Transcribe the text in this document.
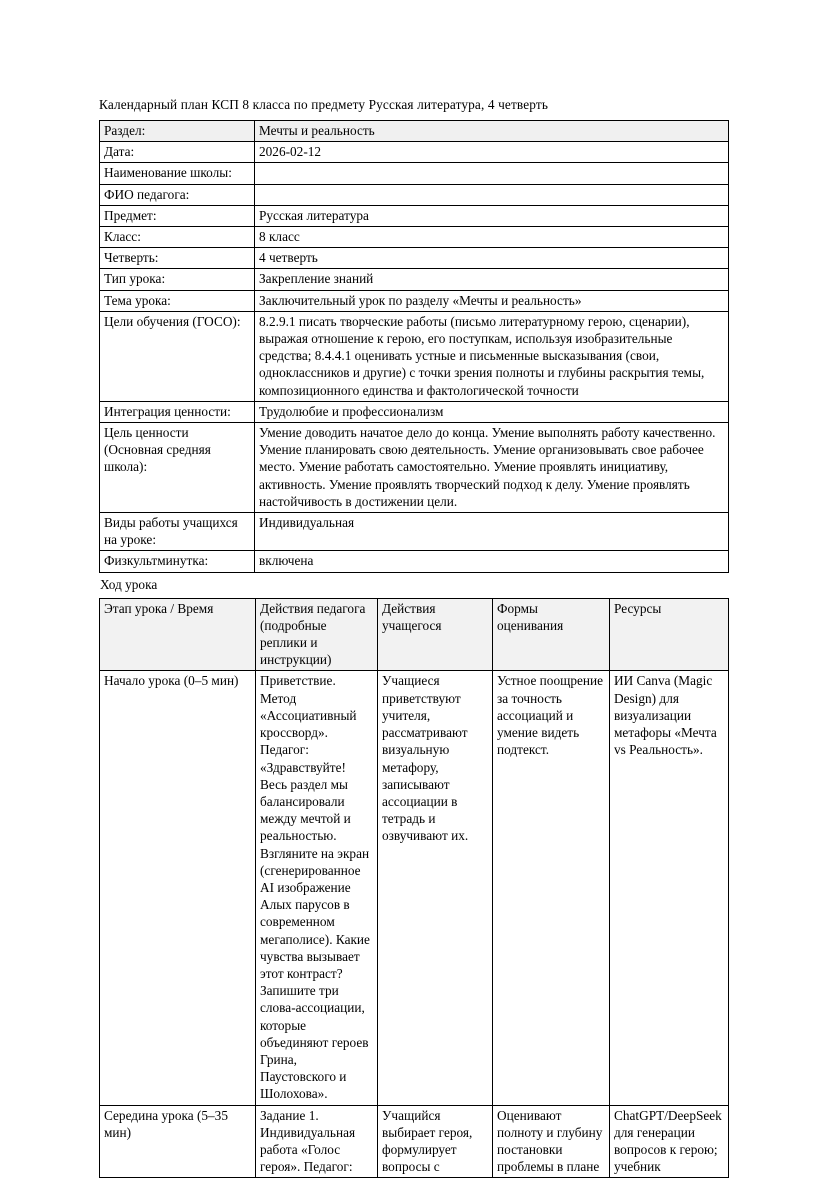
Календарный план КСП 8 класса по предмету Русская литература, 4 четверть
Раздел:	Мечты и реальность
Дата:	2026-02-12
Наименование школы:	
ФИО педагога:	
Предмет:	Русская литература
Класс:	8 класс
Четверть:	4 четверть
Тип урока:	Закрепление знаний
Тема урока:	Заключительный урок по разделу «Мечты и реальность»
Цели обучения (ГОСО):	8.2.9.1 писать творческие работы (письмо литературному герою, сценарии), выражая отношение к герою, его поступкам, используя изобразительные средства; 8.4.4.1 оценивать устные и письменные высказывания (свои, одноклассников и другие) с точки зрения полноты и глубины раскрытия темы, композиционного единства и фактологической точности
Интеграция ценности:	Трудолюбие и профессионализм
Цель ценности (Основная средняя школа):	Умение доводить начатое дело до конца. Умение выполнять работу качественно. Умение планировать свою деятельность. Умение организовывать свое рабочее место. Умение работать самостоятельно. Умение проявлять инициативу, активность. Умение проявлять творческий подход к делу. Умение проявлять настойчивость в достижении цели.
Виды работы учащихся на уроке:	Индивидуальная
Физкультминутка:	включена
Ход урока
Этап урока / Время	Действия педагога (подробные реплики и инструкции)	Действия учащегося	Формы оценивания	Ресурсы
Начало урока (0–5 мин)	Приветствие. Метод «Ассоциативный кроссворд». Педагог: «Здравствуйте! Весь раздел мы балансировали между мечтой и реальностью. Взгляните на экран (сгенерированное AI изображение Алых парусов в современном мегаполисе). Какие чувства вызывает этот контраст? Запишите три слова-ассоциации, которые объединяют героев Грина, Паустовского и Шолохова».	Учащиеся приветствуют учителя, рассматривают визуальную метафору, записывают ассоциации в тетрадь и озвучивают их.	Устное поощрение за точность ассоциаций и умение видеть подтекст.	ИИ Canva (Magic Design) для визуализации метафоры «Мечта vs Реальность».
Середина урока (5–35 мин)	Задание 1. Индивидуальная работа «Голос героя». Педагог:	Учащийся выбирает героя, формулирует вопросы с	Оценивают полноту и глубину постановки проблемы в плане	ChatGPT/DeepSeek для генерации вопросов к герою; учебник
